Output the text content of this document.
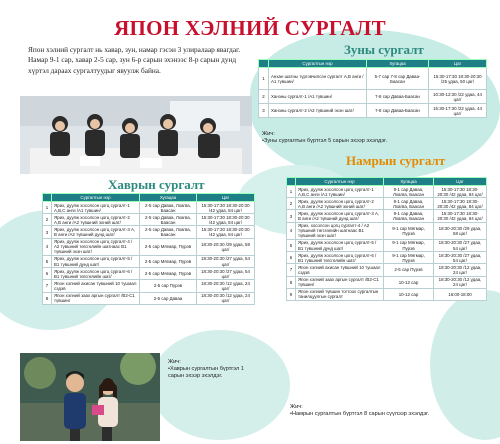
ЯПОН ХЭЛНИЙ СУРГАЛТ
Япон хэлний сургалт нь хавар, зун, намар гэсэн 3 улиралаар явагдаг. Намар 9-1 сар, хавар 2-5 сар, зун 6-р сарын эхэнээс 8-р сарын дунд хүртэл дараах сургалтуудыг явуулж байна.
Зуны сургалт
	Сургалтын нэр	Хугацаа	Цаг
1	Анхан шатны түргэвчилсэн сургалт А,В анги /А1 түвшин/	5-7 сар 7-8 сар Даваа-Баасан	15:30-17:30 18:30-20:30 /25 удаа, 50 цаг/
2	Ханзны сургалт-1 /А1 түвшин/	7-8 сар Даваа-Баасан	10:30-12:30 /22 удаа, 44 цаг/
3	Ханзны сургалт-2 /А2 түвшний эхэн шат/	7-8 сар Даваа-Баасан	15:30-17:30 /22 удаа, 44 цаг/
Жич:
•Зуны сургалтын бүртгэл 5 сарын эхээр эхэлдэг.
Хаврын сургалт
	Сургалтын нэр	Хугацаа	Цаг
1	Ярих, дуулж хосолсон цогц сургалт-1 А,В,С анги /А1 түвшин/	2-5 сар Даваа, Лхагва, Баасан	15:30-17:30 18:30-20:30 /42 удаа, 84 цаг/
2	Ярих, дуулж хосолсон цогц сургалт-2 А,В анги /А2 түвшний эхний шат/	2-5 сар Даваа, Лхагва, Баасан	15:30-17:30 18:30-20:30 /42 удаа, 84 цаг/
3	Ярих, дуулж хосолсон цогц сургалт-3 А, В анги /А2 түвшний дунд шат/	2-5 сар Даваа, Лхагва, Баасан	15:30-17:30 18:30-20:30 /42 удаа, 84 цаг/
4	Ярих, дуулж хосолсон цогц сургалт-4 /А2 түвшний төгсгөлийн шатнаас В1 түвшний эхэн шат/	2-5 сар Мягмар, Пүрэв	18:30-20:30 /29 удаа, 58 цаг/
5	Ярих, дуулж хосолсон цогц сургалт-5 /В1 түвшний дунд шат/	2-5 сар Мягмар, Пүрэв	18:30-20:30 /27 удаа, 54 цаг/
6	Ярих, дуулж хосолсон цогц сургалт-6 /В1 түвшний төгсгөлийн шат/	2-5 сар Мягмар, Пүрэв	18:30-20:30 /27 удаа, 54 цаг/
7	Япон хэлний ахисан түвшний 10 тушаал сэдэв	2-5 сар Пүрэв	18:30-20:30 /12 удаа, 24 цаг/
8	Япон хэлний зааx аргын сургалт /В2-С1 түвшин/	2-5 сар Даваа	18:30-20:30 /12 удаа, 24 цаг/
Жич:
•Хаврын сургалтын бүртгэл 1 сарын эхээр эхэлдэг.
Намрын сургалт
	Сургалтын нэр	Хугацаа	Цаг
1	Ярих, дуулж хосолсон цогц сургалт-1 А,В,С анги /А1 түвшин/	9-1 сар Даваа, Лхагва, Баасан	15:30-17:30 18:30-20:30 /42 удаа, 84 цаг/
2	Ярих, дуулж хосолсон цогц сургалт-2 А,В анги /А2 түвшний эхний шат/	9-1 сар Даваа, Лхагва, Баасан	15:30-17:30 18:30-20:30 /42 удаа, 84 цаг/
3	Ярих, дуулж хосолсон цогц сургалт-3 А, В анги /А2 түвшний дунд шат/	9-1 сар Даваа, Лхагва, Баасан	15:30-17:30 18:30-20:30 /42 удаа, 84 цаг/
4	Ярих, хосолсон цогц сургалт-4 / А2 түвшний төгсгөлийн шатнаас В1 түвшний эхэн шат/	9-1 сар Мягмар, Пүрэв	18:30-20:30 /29 удаа, 58 цаг/
5	Ярих, дуулж хосолсон цогц сургалт-5 /В1 түвшний дунд шат/	9-1 сар Мягмар, Пүрэв	18:30-20:30 /27 удаа, 54 цаг/
6	Ярих, дуулж хосолсон цогц сургалт-6 /В1 түвшний төгсгөлийн шат/	9-1 сар Мягмар, Пүрэв	18:30-20:30 /27 удаа, 54 цаг/
7	Япон хэлний ахисан түвшний 10 тушаал сэдэв	2-5 сар Пүрэв	18:30-20:30 /12 удаа, 24 цаг/
8	Япон хэлний зааx аргын сургалт /В2-С1 түвшин/	10-12 сар	18:30-20:30 /12 удаа, 24 цаг/
9	Япон хэлний түвшин тогтоох сургалтын танилцуулгын сургалт	10-12 сар	16:00-18:00
Жич:
•Намрын сургалтын бүртгэл 8 сарын сүүлээр эхэлдэг.
